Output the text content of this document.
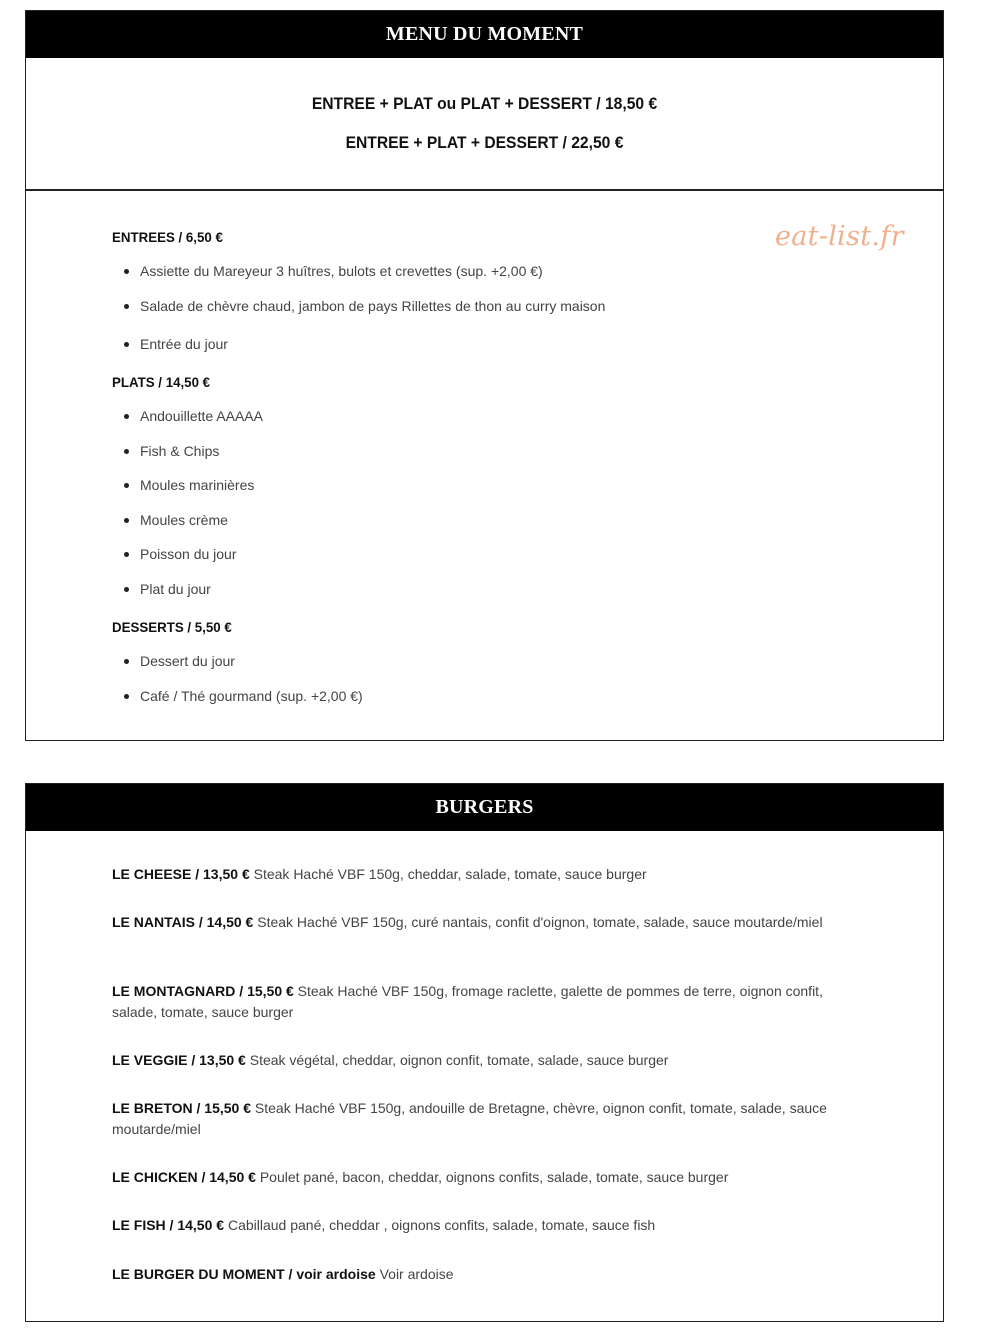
MENU DU MOMENT
ENTREE + PLAT ou PLAT + DESSERT / 18,50 €
ENTREE + PLAT + DESSERT / 22,50 €
eat-list.fr
ENTREES / 6,50 €
Assiette du Mareyeur 3 huîtres, bulots et crevettes (sup. +2,00 €)
Salade de chèvre chaud, jambon de pays Rillettes de thon au curry maison
Entrée du jour
PLATS / 14,50 €
Andouillette AAAAA
Fish & Chips
Moules marinières
Moules crème
Poisson du jour
Plat du jour
DESSERTS / 5,50 €
Dessert du jour
Café / Thé gourmand (sup. +2,00 €)
BURGERS
LE CHEESE / 13,50 € Steak Haché VBF 150g, cheddar, salade, tomate, sauce burger
LE NANTAIS / 14,50 € Steak Haché VBF 150g, curé nantais, confit d'oignon, tomate, salade, sauce moutarde/miel
LE MONTAGNARD / 15,50 € Steak Haché VBF 150g, fromage raclette, galette de pommes de terre, oignon confit, salade, tomate, sauce burger
LE VEGGIE / 13,50 € Steak végétal, cheddar, oignon confit, tomate, salade, sauce burger
LE BRETON / 15,50 € Steak Haché VBF 150g, andouille de Bretagne, chèvre, oignon confit, tomate, salade, sauce moutarde/miel
LE CHICKEN / 14,50 € Poulet pané, bacon, cheddar, oignons confits, salade, tomate, sauce burger
LE FISH / 14,50 € Cabillaud pané, cheddar , oignons confits, salade, tomate, sauce fish
LE BURGER DU MOMENT / voir ardoise Voir ardoise
